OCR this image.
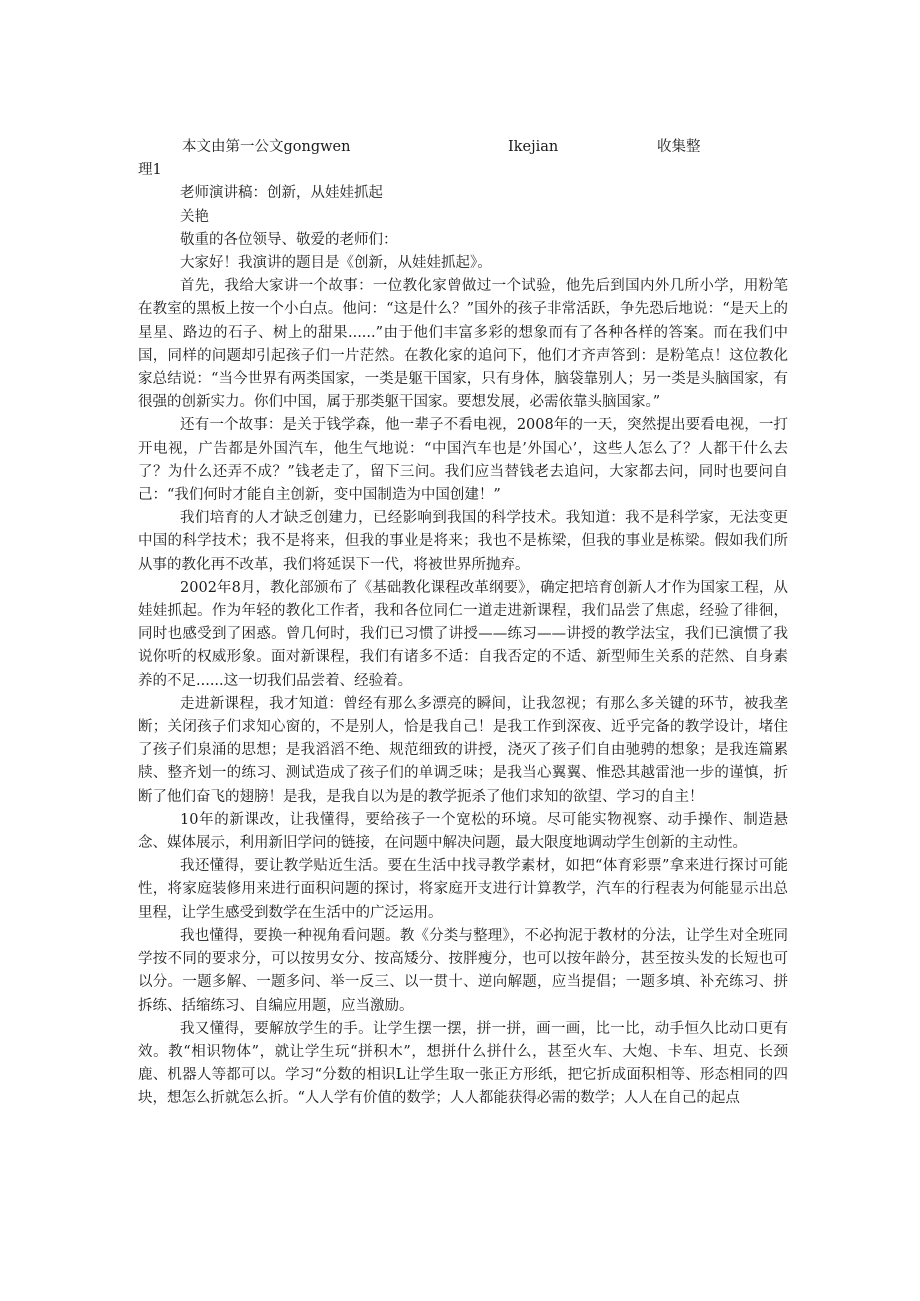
本文由第一公文gongwen	Ikejian	收集整

理1

老师演讲稿：创新，从娃娃抓起

关艳

敬重的各位领导、敬爱的老师们：

大家好！我演讲的题目是《创新，从娃娃抓起》。

首先，我给大家讲一个故事：一位教化家曾做过一个试验，他先后到国内外几所小学，用粉笔在教室的黑板上按一个小白点。他问：“这是什么？”国外的孩子非常活跃，争先恐后地说：“是天上的星星、路边的石子、树上的甜果......”由于他们丰富多彩的想象而有了各种各样的答案。而在我们中国，同样的问题却引起孩子们一片茫然。在教化家的追问下，他们才齐声答到：是粉笔点！这位教化家总结说：“当今世界有两类国家，一类是躯干国家，只有身体，脑袋靠别人；另一类是头脑国家，有很强的创新实力。你们中国，属于那类躯干国家。要想发展，必需依靠头脑国家。”

还有一个故事：是关于钱学森，他一辈子不看电视，2008年的一天，突然提出要看电视，一打开电视，广告都是外国汽车，他生气地说：“中国汽车也是’外国心’，这些人怎么了？人都干什么去了？为什么还弄不成？”钱老走了，留下三问。我们应当替钱老去追问，大家都去问，同时也要问自己：“我们何时才能自主创新，变中国制造为中国创建！”

我们培育的人才缺乏创建力，已经影响到我国的科学技术。我知道：我不是科学家，无法变更中国的科学技术；我不是将来，但我的事业是将来；我也不是栋梁，但我的事业是栋梁。假如我们所从事的教化再不改革，我们将延误下一代，将被世界所抛弃。

2002年8月，教化部颁布了《基础教化课程改革纲要》，确定把培育创新人才作为国家工程，从娃娃抓起。作为年轻的教化工作者，我和各位同仁一道走进新课程，我们品尝了焦虑，经验了徘徊，同时也感受到了困惑。曾几何时，我们已习惯了讲授——练习——讲授的教学法宝，我们已演惯了我说你听的权威形象。面对新课程，我们有诸多不适：自我否定的不适、新型师生关系的茫然、自身素养的不足......这一切我们品尝着、经验着。

走进新课程，我才知道：曾经有那么多漂亮的瞬间，让我忽视；有那么多关键的环节，被我垄断；关闭孩子们求知心窗的，不是别人，恰是我自己！是我工作到深夜、近乎完备的教学设计，堵住了孩子们泉涌的思想；是我滔滔不绝、规范细致的讲授，浇灭了孩子们自由驰骋的想象；是我连篇累牍、整齐划一的练习、测试造成了孩子们的单调乏味；是我当心翼翼、惟恐其越雷池一步的谨慎，折断了他们奋飞的翅膀！是我，是我自以为是的教学扼杀了他们求知的欲望、学习的自主！

10年的新课改，让我懂得，要给孩子一个宽松的环境。尽可能实物视察、动手操作、制造悬念、媒体展示，利用新旧学问的链接，在问题中解决问题，最大限度地调动学生创新的主动性。

我还懂得，要让教学贴近生活。要在生活中找寻教学素材，如把“体育彩票”拿来进行探讨可能性，将家庭装修用来进行面积问题的探讨，将家庭开支进行计算教学，汽车的行程表为何能显示出总里程，让学生感受到数学在生活中的广泛运用。

我也懂得，要换一种视角看问题。教《分类与整理》，不必拘泥于教材的分法，让学生对全班同学按不同的要求分，可以按男女分、按高矮分、按胖瘦分，也可以按年龄分，甚至按头发的长短也可以分。一题多解、一题多问、举一反三、以一贯十、逆向解题，应当提倡；一题多填、补充练习、拼拆练、括缩练习、自编应用题，应当激励。

我又懂得，要解放学生的手。让学生摆一摆，拼一拼，画一画，比一比，动手恒久比动口更有效。教“相识物体”，就让学生玩“拼积木”，想拼什么拼什么，甚至火车、大炮、卡车、坦克、长颈鹿、机器人等都可以。学习“分数的相识L让学生取一张正方形纸，把它折成面积相等、形态相同的四块，想怎么折就怎么折。“人人学有价值的数学；人人都能获得必需的数学；人人在自己的起点
